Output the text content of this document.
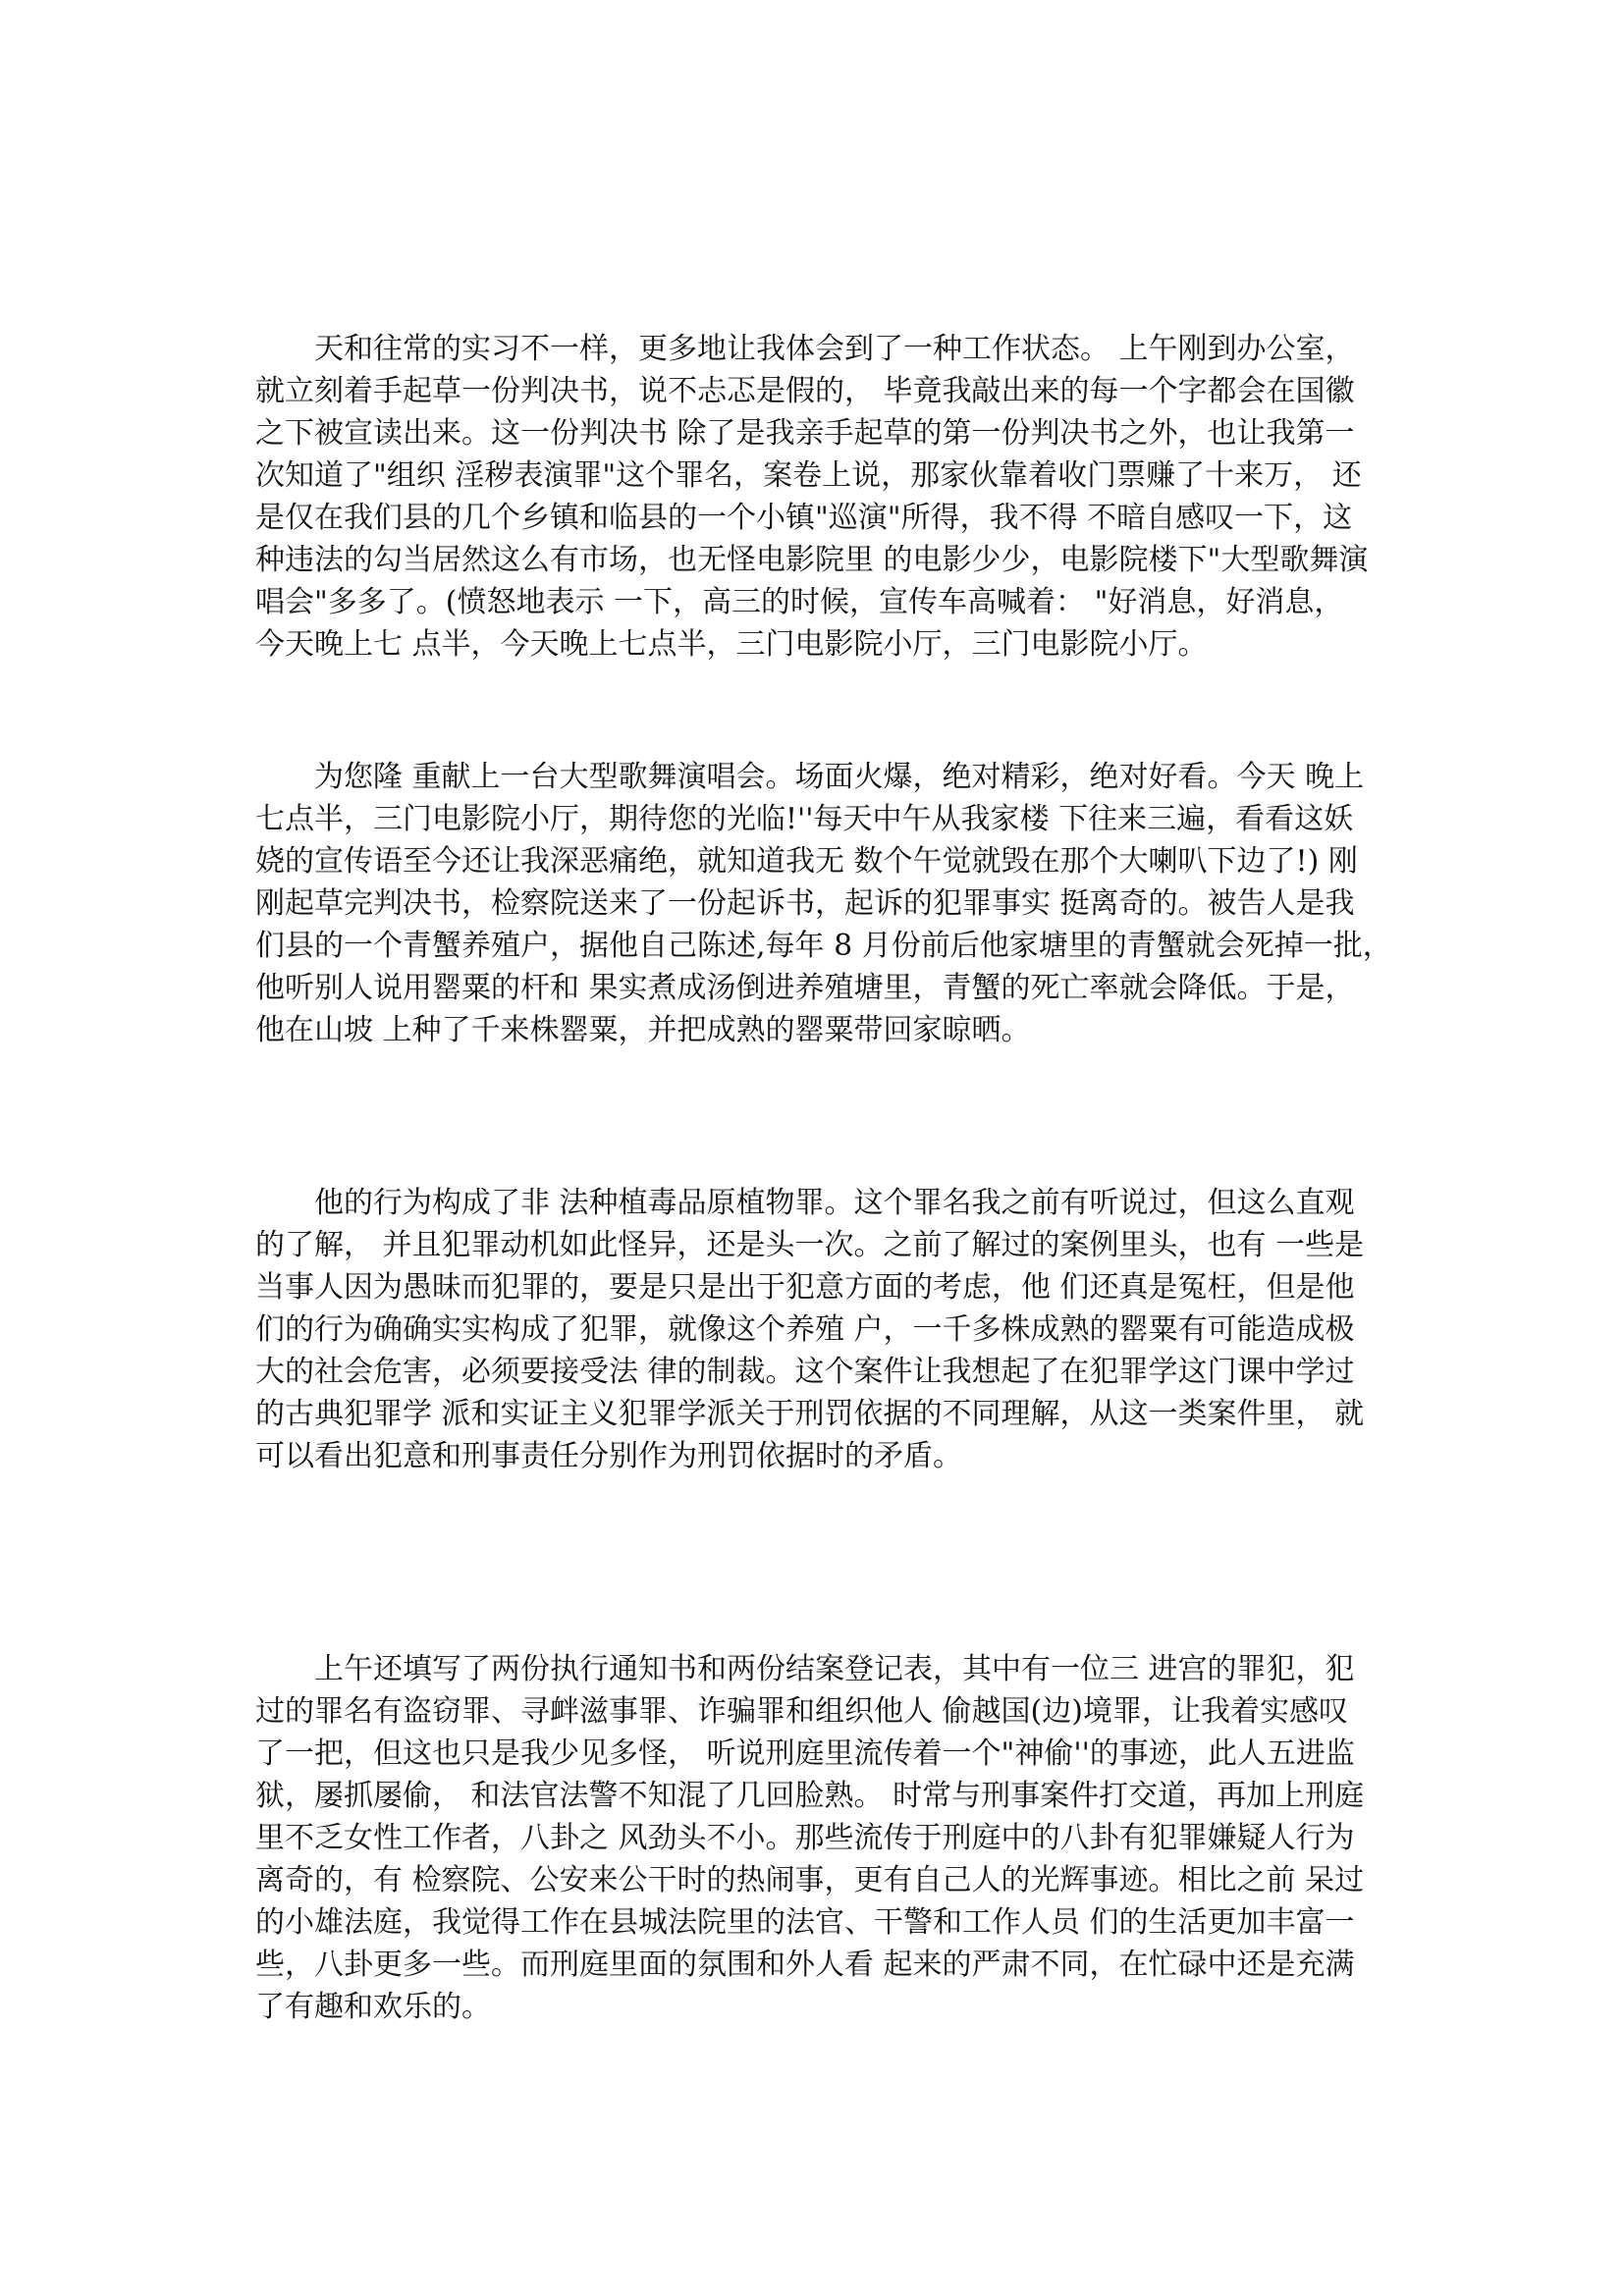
天和往常的实习不一样，更多地让我体会到了一种工作状态。 上午刚到办公室，
就立刻着手起草一份判决书，说不忐忑是假的， 毕竟我敲出来的每一个字都会在国徽
之下被宣读出来。这一份判决书 除了是我亲手起草的第一份判决书之外，也让我第一
次知道了"组织 淫秽表演罪"这个罪名，案卷上说，那家伙靠着收门票赚了十来万， 还
是仅在我们县的几个乡镇和临县的一个小镇"巡演"所得，我不得 不暗自感叹一下，这
种违法的勾当居然这么有市场，也无怪电影院里 的电影少少，电影院楼下"大型歌舞演
唱会"多多了。(愤怒地表示 一下，高三的时候，宣传车高喊着： "好消息，好消息，
今天晚上七 点半，今天晚上七点半，三门电影院小厅，三门电影院小厅。
为您隆 重献上一台大型歌舞演唱会。场面火爆，绝对精彩，绝对好看。今天 晚上
七点半，三门电影院小厅，期待您的光临!''每天中午从我家楼 下往来三遍，看看这妖
娆的宣传语至今还让我深恶痛绝，就知道我无 数个午觉就毁在那个大喇叭下边了!) 刚
刚起草完判决书，检察院送来了一份起诉书，起诉的犯罪事实 挺离奇的。被告人是我
们县的一个青蟹养殖户，据他自己陈述,每年 8 月份前后他家塘里的青蟹就会死掉一批，
他听别人说用罂粟的杆和 果实煮成汤倒进养殖塘里，青蟹的死亡率就会降低。于是，
他在山坡 上种了千来株罂粟，并把成熟的罂粟带回家晾晒。
他的行为构成了非 法种植毒品原植物罪。这个罪名我之前有听说过，但这么直观
的了解， 并且犯罪动机如此怪异，还是头一次。之前了解过的案例里头，也有 一些是
当事人因为愚昧而犯罪的，要是只是出于犯意方面的考虑，他 们还真是冤枉，但是他
们的行为确确实实构成了犯罪，就像这个养殖 户，一千多株成熟的罂粟有可能造成极
大的社会危害，必须要接受法 律的制裁。这个案件让我想起了在犯罪学这门课中学过
的古典犯罪学 派和实证主义犯罪学派关于刑罚依据的不同理解，从这一类案件里， 就
可以看出犯意和刑事责任分别作为刑罚依据时的矛盾。
上午还填写了两份执行通知书和两份结案登记表，其中有一位三 进宫的罪犯，犯
过的罪名有盗窃罪、寻衅滋事罪、诈骗罪和组织他人 偷越国(边)境罪，让我着实感叹
了一把，但这也只是我少见多怪， 听说刑庭里流传着一个"神偷''的事迹，此人五进监
狱，屡抓屡偷， 和法官法警不知混了几回脸熟。 时常与刑事案件打交道，再加上刑庭
里不乏女性工作者，八卦之 风劲头不小。那些流传于刑庭中的八卦有犯罪嫌疑人行为
离奇的，有 检察院、公安来公干时的热闹事，更有自己人的光辉事迹。相比之前 呆过
的小雄法庭，我觉得工作在县城法院里的法官、干警和工作人员 们的生活更加丰富一
些，八卦更多一些。而刑庭里面的氛围和外人看 起来的严肃不同，在忙碌中还是充满
了有趣和欢乐的。
